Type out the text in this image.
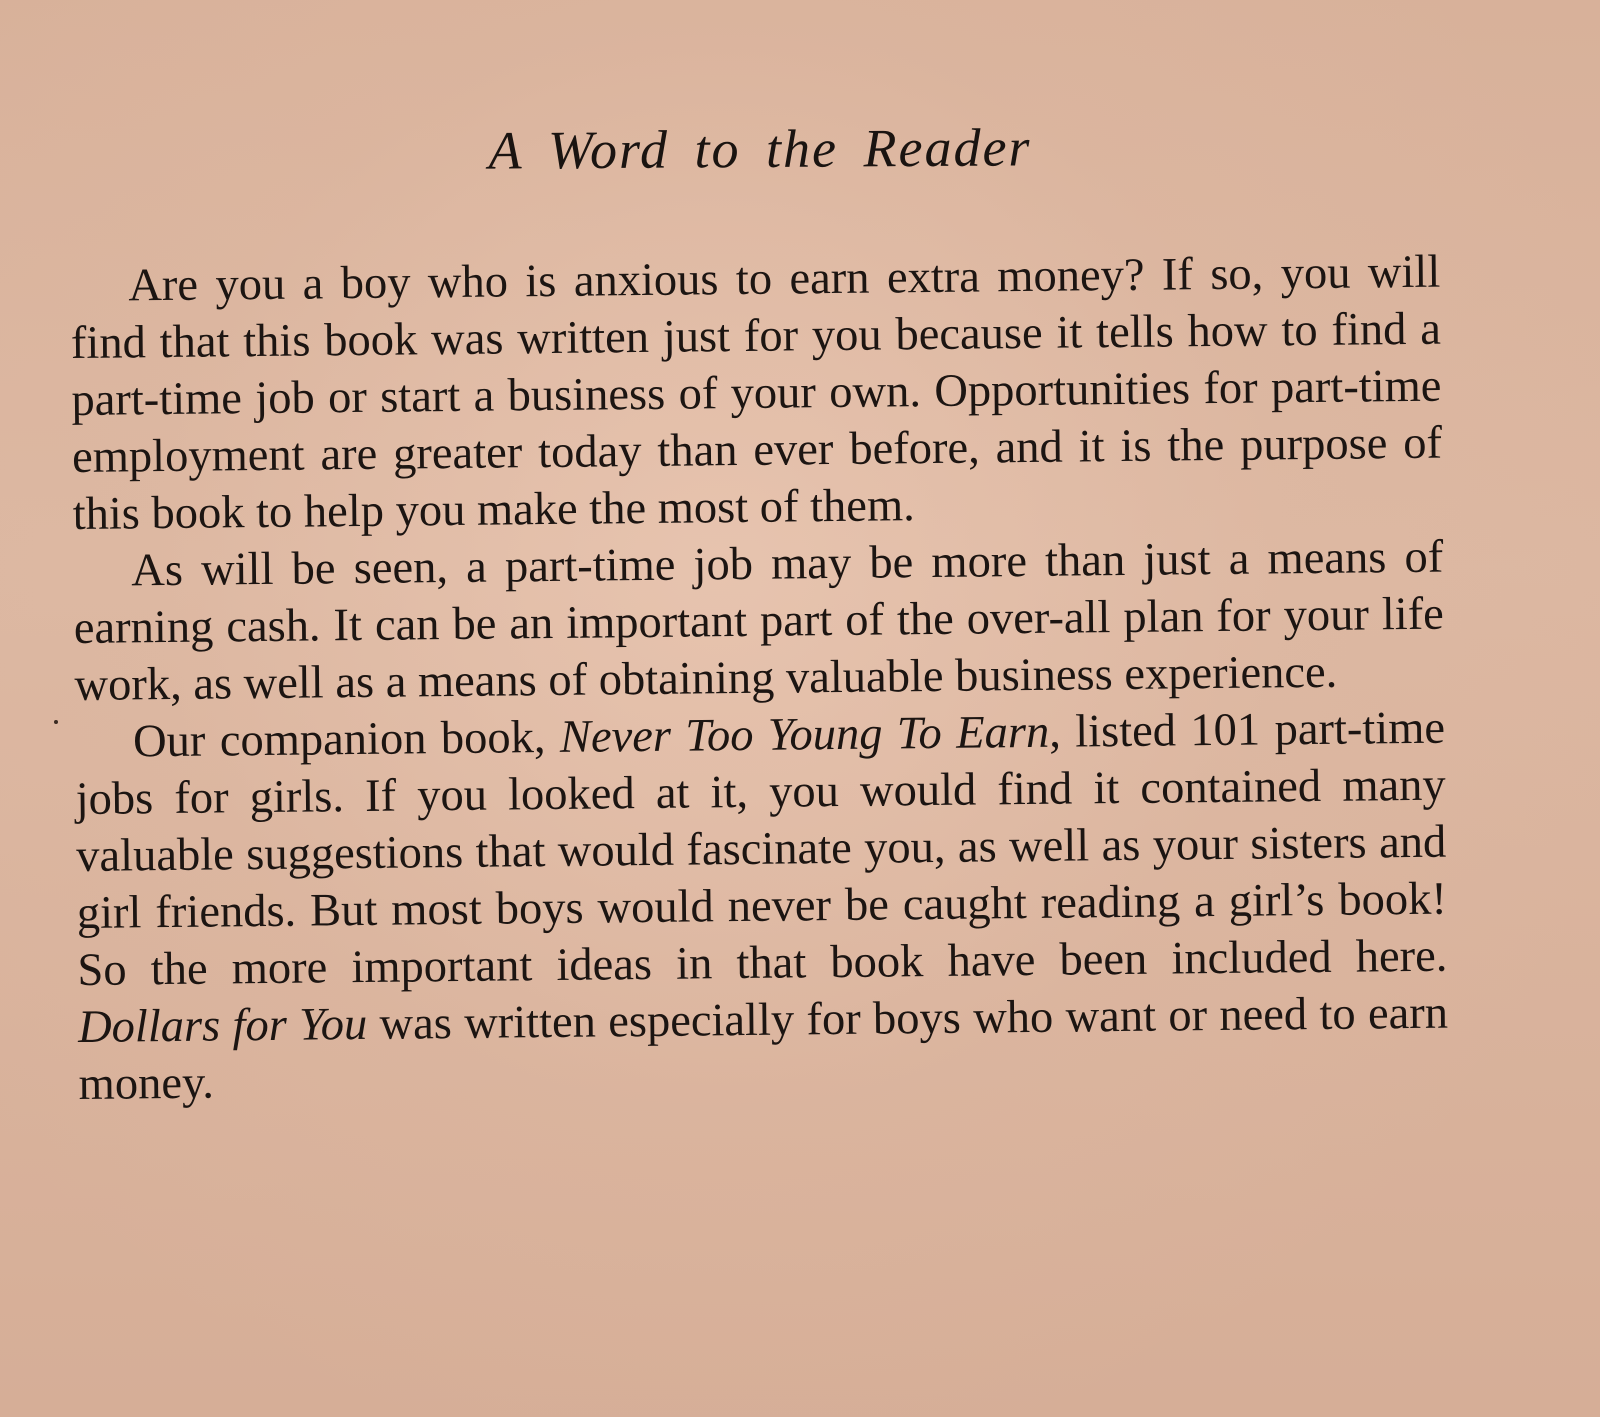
A Word to the Reader

Are you a boy who is anxious to earn extra money? If so, you will find that this book was written just for you because it tells how to find a part-time job or start a business of your own. Opportunities for part-time employment are greater today than ever before, and it is the purpose of this book to help you make the most of them.

As will be seen, a part-time job may be more than just a means of earning cash. It can be an important part of the over-all plan for your life work, as well as a means of obtaining valuable business experience.

Our companion book, Never Too Young To Earn, listed 101 part-time jobs for girls. If you looked at it, you would find it contained many valuable suggestions that would fascinate you, as well as your sisters and girl friends. But most boys would never be caught reading a girl’s book! So the more important ideas in that book have been included here. Dollars for You was written especially for boys who want or need to earn money.
